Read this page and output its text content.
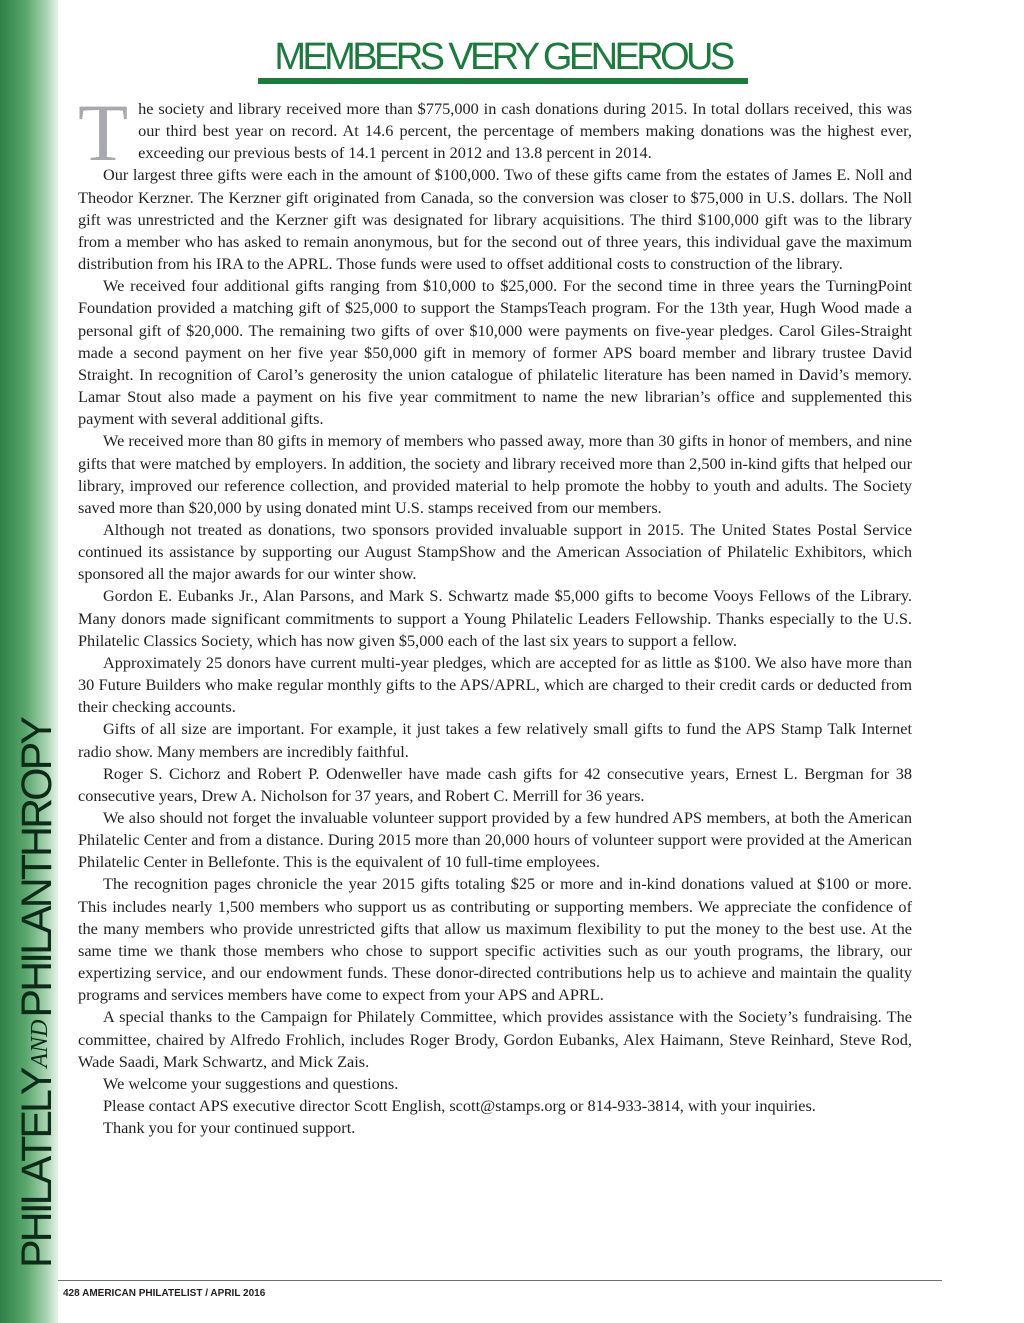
PHILATELYANDPHILANTHROPY
MEMBERS VERY GENEROUS

The society and library received more than $775,000 in cash donations during 2015. In total dollars received, this was our third best year on record. At 14.6 percent, the percentage of members making donations was the highest ever, exceeding our previous bests of 14.1 percent in 2012 and 13.8 percent in 2014.

Our largest three gifts were each in the amount of $100,000. Two of these gifts came from the estates of James E. Noll and Theodor Kerzner. The Kerzner gift originated from Canada, so the conversion was closer to $75,000 in U.S. dollars. The Noll gift was unrestricted and the Kerzner gift was designated for library acquisitions. The third $100,000 gift was to the library from a member who has asked to remain anonymous, but for the second out of three years, this individual gave the maximum distribution from his IRA to the APRL. Those funds were used to offset additional costs to construction of the library.

We received four additional gifts ranging from $10,000 to $25,000. For the second time in three years the TurningPoint Foundation provided a matching gift of $25,000 to support the StampsTeach program. For the 13th year, Hugh Wood made a personal gift of $20,000. The remaining two gifts of over $10,000 were payments on five-year pledges. Carol Giles-Straight made a second payment on her five year $50,000 gift in memory of former APS board member and library trustee David Straight. In recognition of Carol’s generosity the union catalogue of philatelic literature has been named in David’s memory. Lamar Stout also made a payment on his five year commitment to name the new librarian’s office and supplemented this payment with several additional gifts.

We received more than 80 gifts in memory of members who passed away, more than 30 gifts in honor of members, and nine gifts that were matched by employers. In addition, the society and library received more than 2,500 in-kind gifts that helped our library, improved our reference collection, and provided material to help promote the hobby to youth and adults. The Society saved more than $20,000 by using donated mint U.S. stamps received from our members.

Although not treated as donations, two sponsors provided invaluable support in 2015. The United States Postal Service continued its assistance by supporting our August StampShow and the American Association of Philatelic Exhibitors, which sponsored all the major awards for our winter show.

Gordon E. Eubanks Jr., Alan Parsons, and Mark S. Schwartz made $5,000 gifts to become Vooys Fellows of the Library. Many donors made significant commitments to support a Young Philatelic Leaders Fellowship. Thanks especially to the U.S. Philatelic Classics Society, which has now given $5,000 each of the last six years to support a fellow.

Approximately 25 donors have current multi-year pledges, which are accepted for as little as $100. We also have more than 30 Future Builders who make regular monthly gifts to the APS/APRL, which are charged to their credit cards or deducted from their checking accounts.

Gifts of all size are important. For example, it just takes a few relatively small gifts to fund the APS Stamp Talk Internet radio show. Many members are incredibly faithful.

Roger S. Cichorz and Robert P. Odenweller have made cash gifts for 42 consecutive years, Ernest L. Bergman for 38 consecutive years, Drew A. Nicholson for 37 years, and Robert C. Merrill for 36 years.

We also should not forget the invaluable volunteer support provided by a few hundred APS members, at both the American Philatelic Center and from a distance. During 2015 more than 20,000 hours of volunteer support were provided at the American Philatelic Center in Bellefonte. This is the equivalent of 10 full-time employees.

The recognition pages chronicle the year 2015 gifts totaling $25 or more and in-kind donations valued at $100 or more. This includes nearly 1,500 members who support us as contributing or supporting members. We appreciate the confidence of the many members who provide unrestricted gifts that allow us maximum flexibility to put the money to the best use. At the same time we thank those members who chose to support specific activities such as our youth programs, the library, our expertizing service, and our endowment funds. These donor-directed contributions help us to achieve and maintain the quality programs and services members have come to expect from your APS and APRL.

A special thanks to the Campaign for Philately Committee, which provides assistance with the Society’s fundraising. The committee, chaired by Alfredo Frohlich, includes Roger Brody, Gordon Eubanks, Alex Haimann, Steve Reinhard, Steve Rod, Wade Saadi, Mark Schwartz, and Mick Zais.

We welcome your suggestions and questions.

Please contact APS executive director Scott English, scott@stamps.org or 814-933-3814, with your inquiries.

Thank you for your continued support.

428 AMERICAN PHILATELIST / APRIL 2016
